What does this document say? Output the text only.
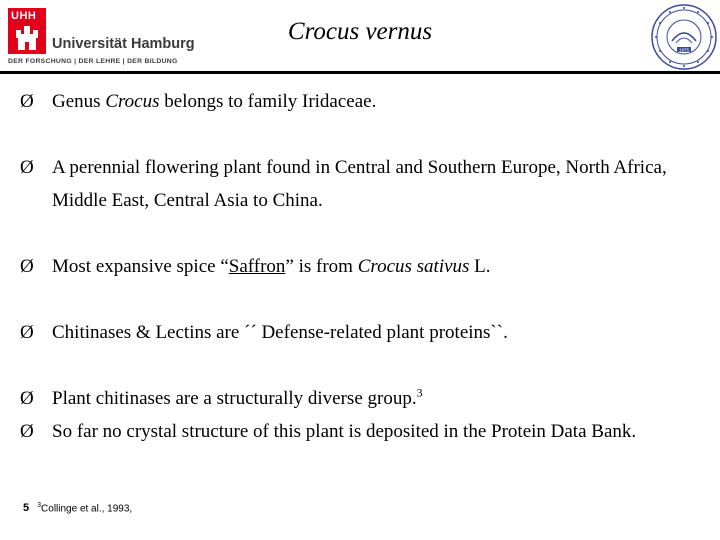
UHH
Universität Hamburg
DER FORSCHUNG | DER LEHRE | DER BILDUNG
Crocus vernus
1975
Ø Genus Crocus belongs to family Iridaceae.
Ø A perennial flowering plant found in Central and Southern Europe, North Africa, Middle East, Central Asia to China.
Ø Most expansive spice “Saffron” is from Crocus sativus L.
Ø Chitinases & Lectins are ´´ Defense-related plant proteins``.
Ø Plant chitinases are a structurally diverse group.$^3$
Ø So far no crystal structure of this plant is deposited in the Protein Data Bank.
5 $^3$Collinge et al., 1993,
